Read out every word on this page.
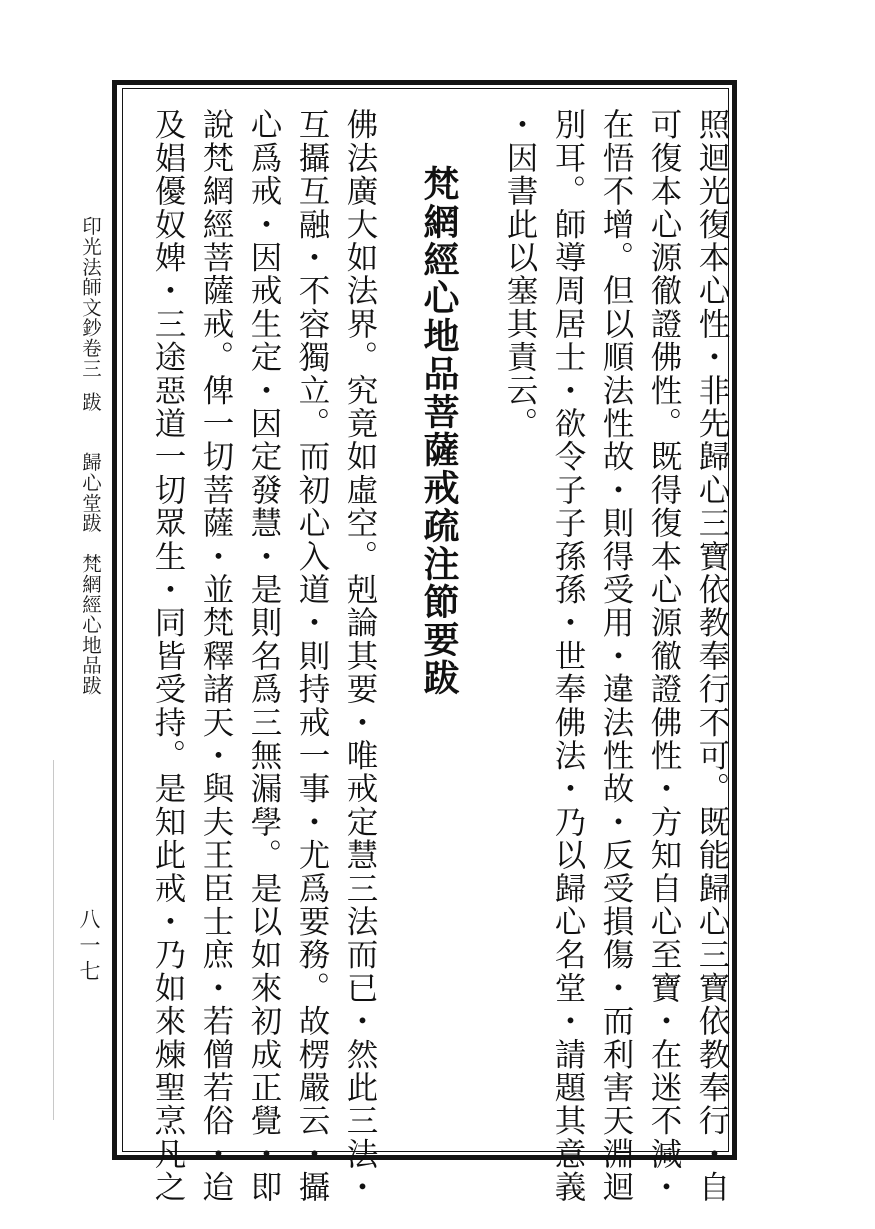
照迴光復本心性・非先歸心三寶依教奉行不可。既能歸心三寶依教奉行・自
可復本心源徹證佛性。既得復本心源徹證佛性・方知自心至寶・在迷不減・
在悟不增。但以順法性故・則得受用・違法性故・反受損傷・而利害天淵迴
別耳。師導周居士・欲令子子孫孫・世奉佛法・乃以歸心名堂・請題其意義
・因書此以塞其責云。
梵網經心地品菩薩戒疏注節要跋
佛法廣大如法界。究竟如虛空。剋論其要・唯戒定慧三法而已・然此三法・
互攝互融・不容獨立。而初心入道・則持戒一事・尤爲要務。故楞嚴云・攝
心爲戒・因戒生定・因定發慧・是則名爲三無漏學。是以如來初成正覺・即
說梵網經菩薩戒。俾一切菩薩・並梵釋諸天・與夫王臣士庶・若僧若俗・迨
及娼優奴婢・三途惡道一切眾生・同皆受持。是知此戒・乃如來煉聖烹凡之
印光法師文鈔卷三
跋
歸心堂跋　梵網經心地品跋
八一七
